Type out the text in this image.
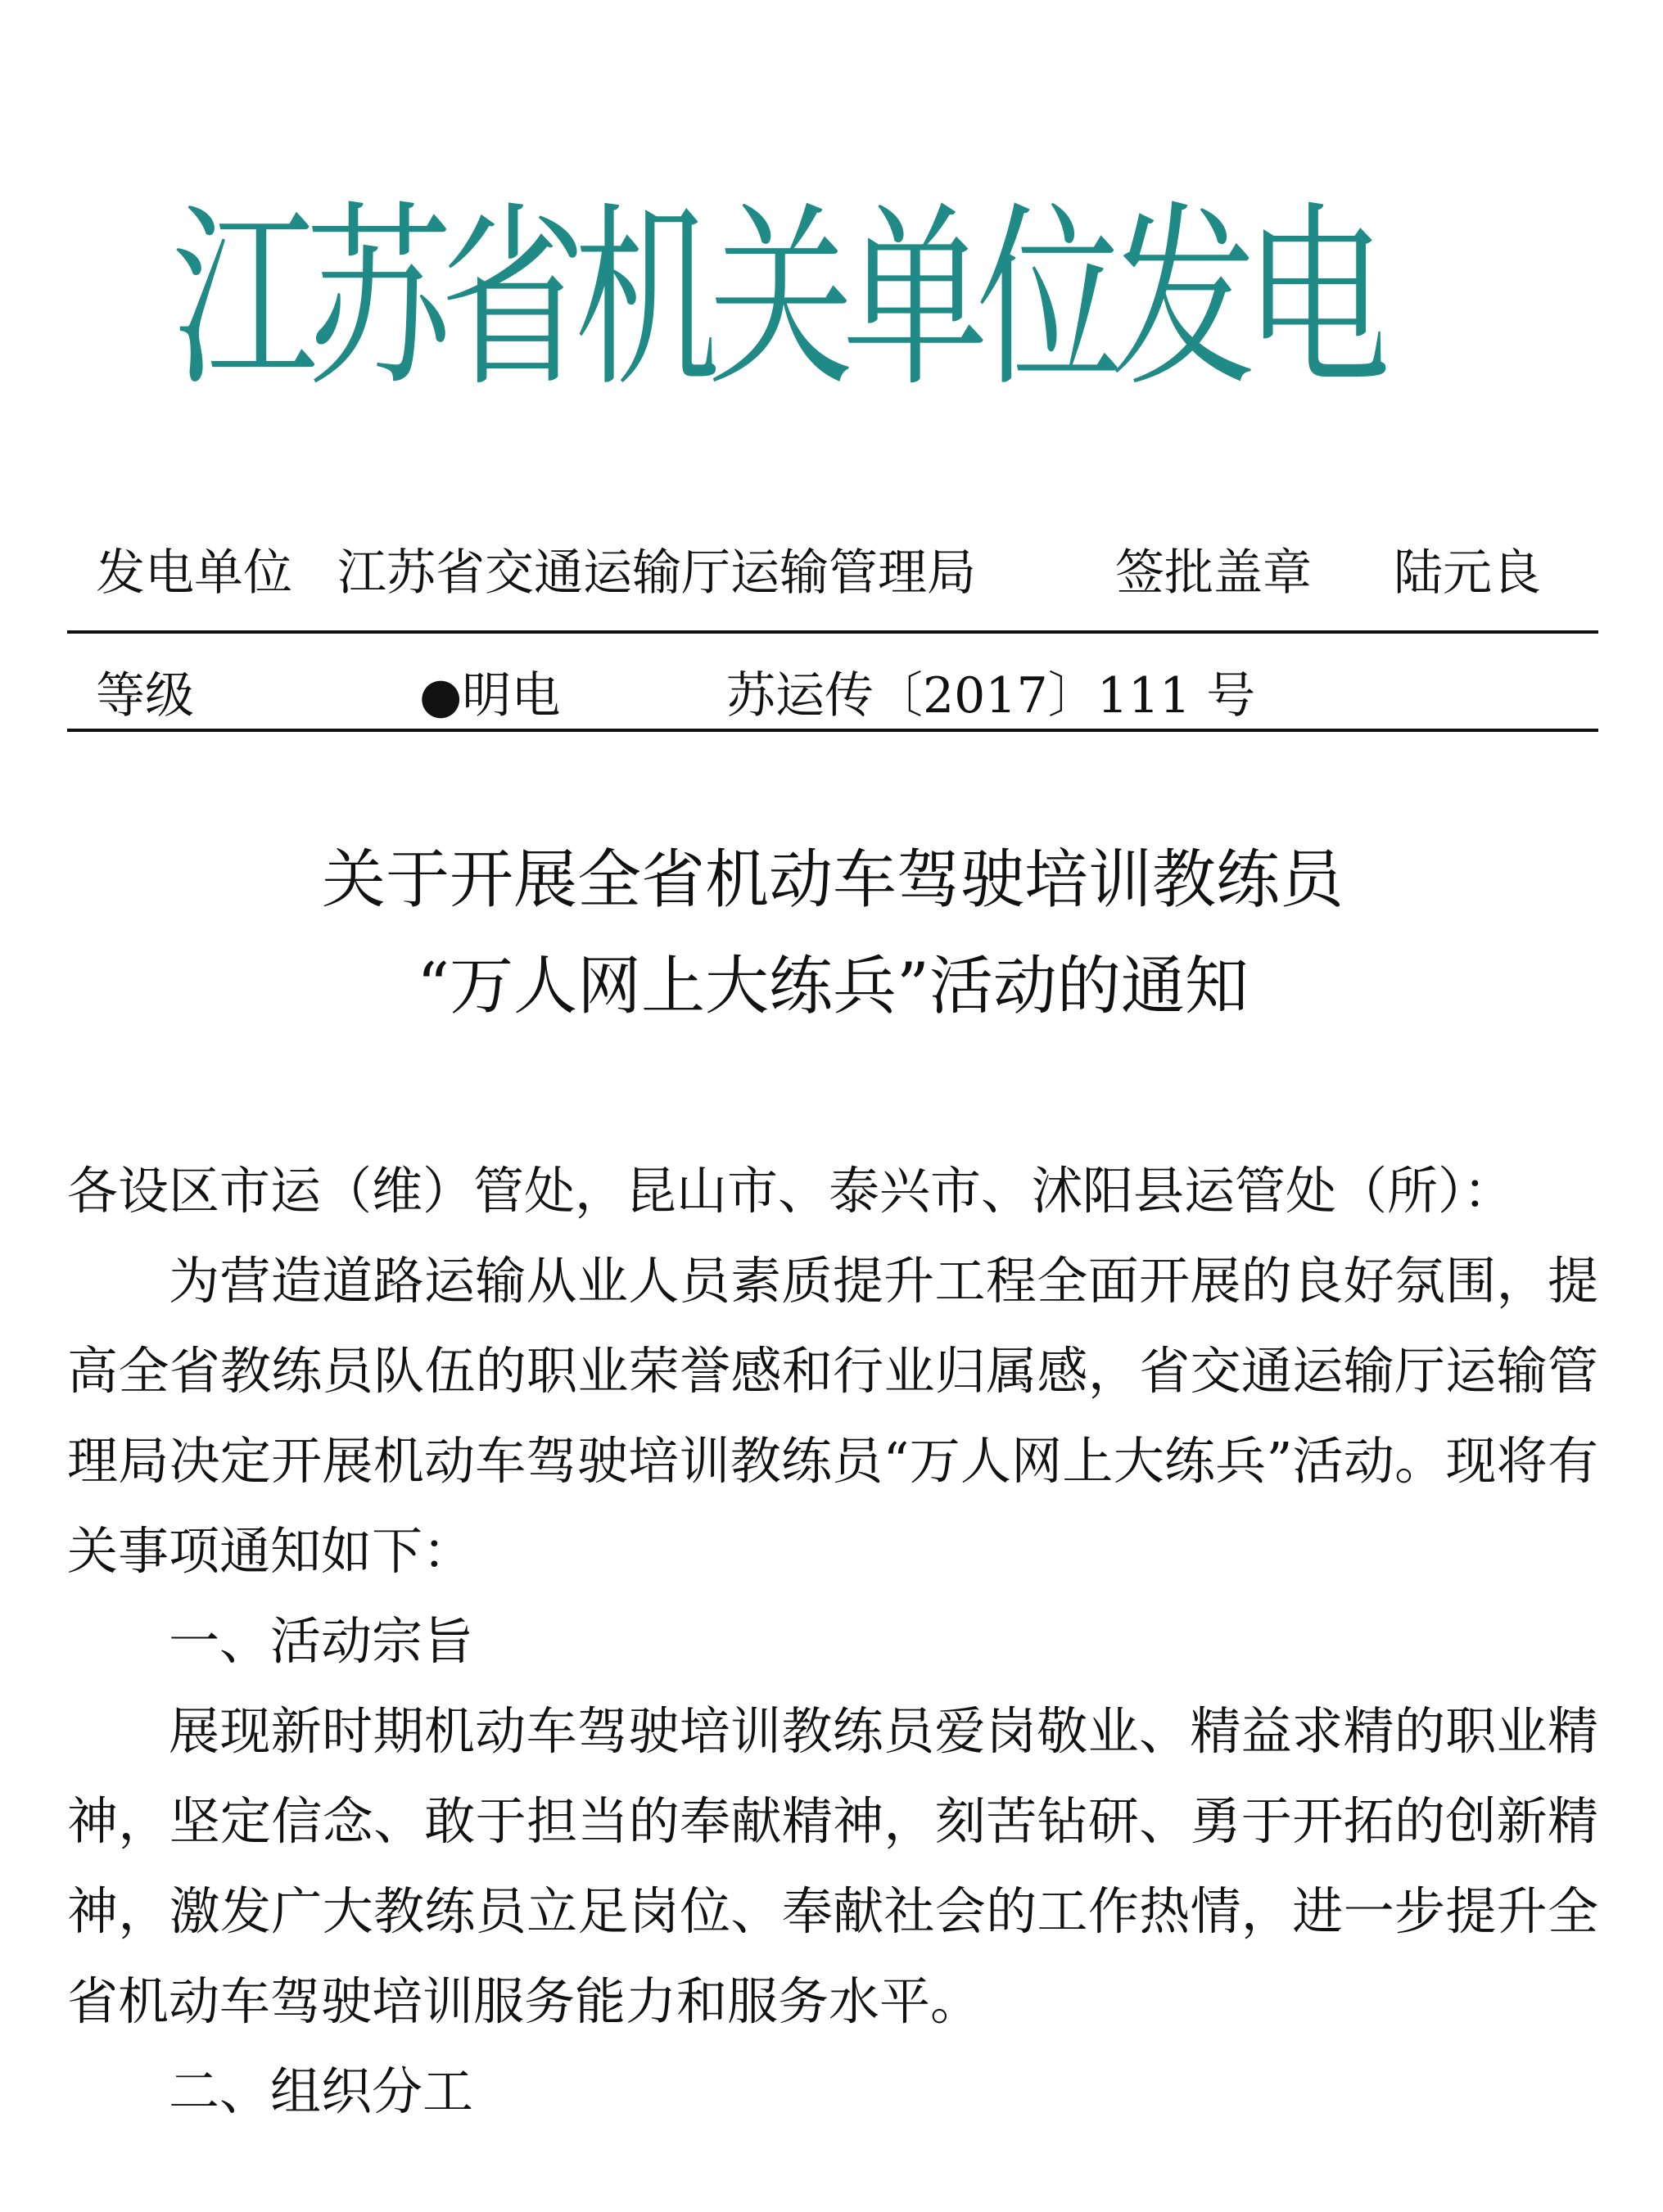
江苏省机关单位发电
发电单位 江苏省交通运输厅运输管理局	签批盖章 陆元良
等级	●明电	苏运传〔2017〕111 号
关于开展全省机动车驾驶培训教练员
“万人网上大练兵”活动的通知

各设区市运（维）管处，昆山市、泰兴市、沭阳县运管处（所）：

为营造道路运输从业人员素质提升工程全面开展的良好氛围，提高全省教练员队伍的职业荣誉感和行业归属感，省交通运输厅运输管理局决定开展机动车驾驶培训教练员“万人网上大练兵”活动。现将有关事项通知如下：

一、活动宗旨

展现新时期机动车驾驶培训教练员爱岗敬业、精益求精的职业精神，坚定信念、敢于担当的奉献精神，刻苦钻研、勇于开拓的创新精神，激发广大教练员立足岗位、奉献社会的工作热情，进一步提升全省机动车驾驶培训服务能力和服务水平。

二、组织分工
